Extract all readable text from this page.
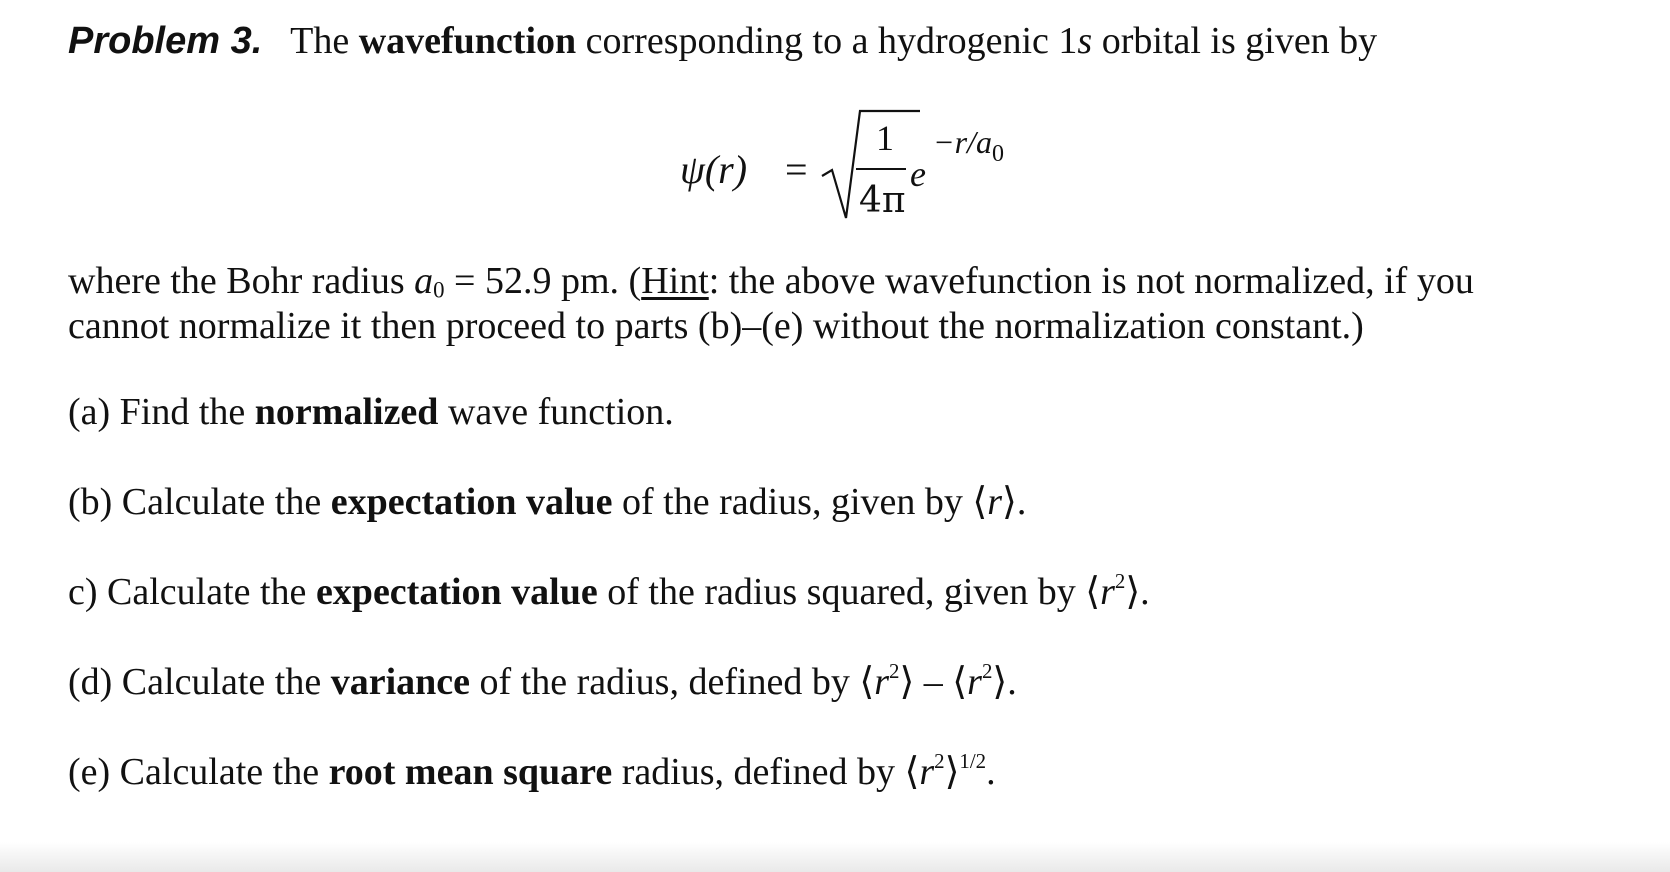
Problem 3. The wavefunction corresponding to a hydrogenic 1s orbital is given by
ψ(r) =
1
4π
e
$-r/a_0$
where the Bohr radius $a_0 = 52.9$ pm. (Hint: the above wavefunction is not normalized, if you
cannot normalize it then proceed to parts (b)–(e) without the normalization constant.)
(a) Find the normalized wave function.
(b) Calculate the expectation value of the radius, given by ⟨r⟩.
c) Calculate the expectation value of the radius squared, given by $⟨r^2⟩$.
(d) Calculate the variance of the radius, defined by $⟨r^2⟩$ – $⟨r^2⟩$.
(e) Calculate the root mean square radius, defined by $⟨r^2⟩^{1/2}$.
